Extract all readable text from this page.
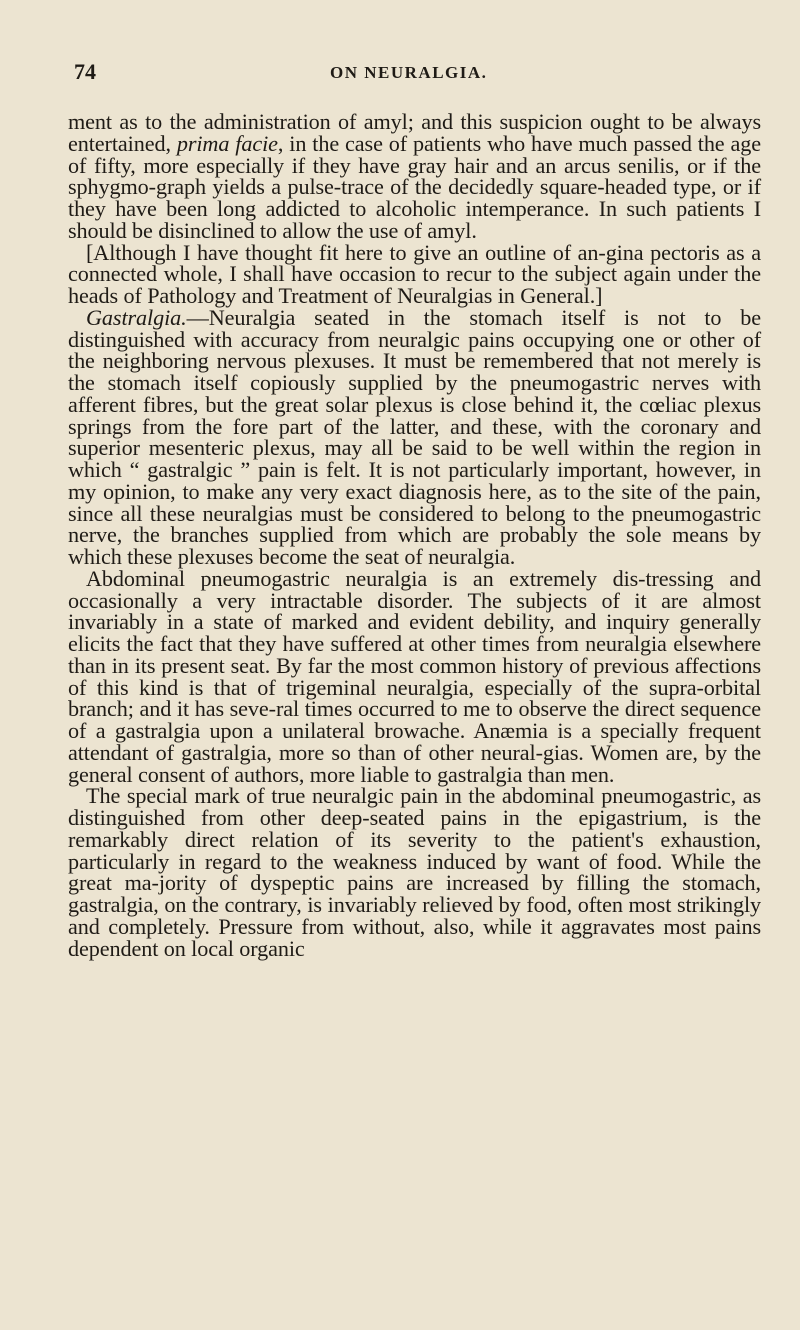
74	ON NEURALGIA.

ment as to the administration of amyl; and this suspicion ought to be always entertained, prima facie, in the case of patients who have much passed the age of fifty, more especially if they have gray hair and an arcus senilis, or if the sphygmo-graph yields a pulse-trace of the decidedly square-headed type, or if they have been long addicted to alcoholic intemperance. In such patients I should be disinclined to allow the use of amyl.

[Although I have thought fit here to give an outline of an-gina pectoris as a connected whole, I shall have occasion to recur to the subject again under the heads of Pathology and Treatment of Neuralgias in General.]

Gastralgia.—Neuralgia seated in the stomach itself is not to be distinguished with accuracy from neuralgic pains occupying one or other of the neighboring nervous plexuses. It must be remembered that not merely is the stomach itself copiously supplied by the pneumogastric nerves with afferent fibres, but the great solar plexus is close behind it, the cœliac plexus springs from the fore part of the latter, and these, with the coronary and superior mesenteric plexus, may all be said to be well within the region in which “ gastralgic ” pain is felt. It is not particularly important, however, in my opinion, to make any very exact diagnosis here, as to the site of the pain, since all these neuralgias must be considered to belong to the pneumogastric nerve, the branches supplied from which are probably the sole means by which these plexuses become the seat of neuralgia.

Abdominal pneumogastric neuralgia is an extremely dis-tressing and occasionally a very intractable disorder. The subjects of it are almost invariably in a state of marked and evident debility, and inquiry generally elicits the fact that they have suffered at other times from neuralgia elsewhere than in its present seat. By far the most common history of previous affections of this kind is that of trigeminal neuralgia, especially of the supra-orbital branch; and it has seve-ral times occurred to me to observe the direct sequence of a gastralgia upon a unilateral browache. Anæmia is a specially frequent attendant of gastralgia, more so than of other neural-gias. Women are, by the general consent of authors, more liable to gastralgia than men.

The special mark of true neuralgic pain in the abdominal pneumogastric, as distinguished from other deep-seated pains in the epigastrium, is the remarkably direct relation of its severity to the patient's exhaustion, particularly in regard to the weakness induced by want of food. While the great ma-jority of dyspeptic pains are increased by filling the stomach, gastralgia, on the contrary, is invariably relieved by food, often most strikingly and completely. Pressure from without, also, while it aggravates most pains dependent on local organic
